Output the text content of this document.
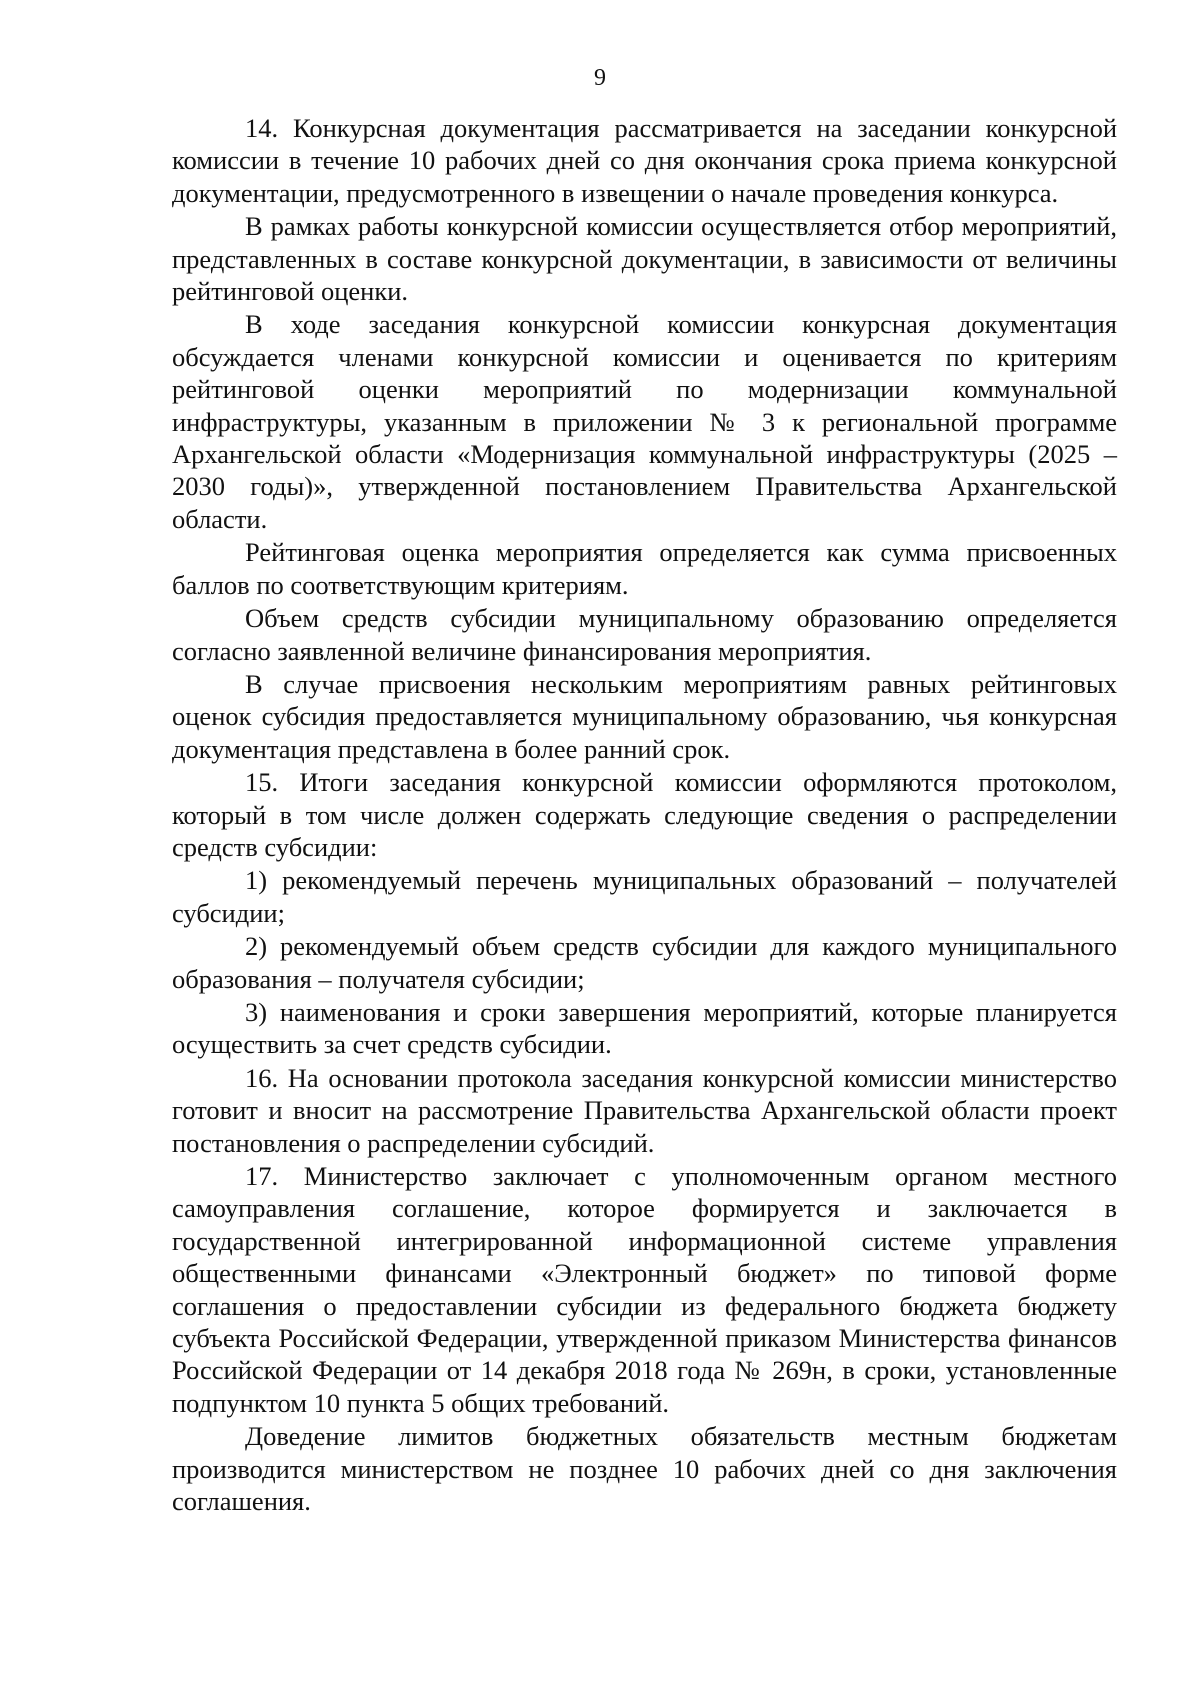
9

14. Конкурсная документация рассматривается на заседании конкурсной комиссии в течение 10 рабочих дней со дня окончания срока приема конкурсной документации, предусмотренного в извещении о начале проведения конкурса.

В рамках работы конкурсной комиссии осуществляется отбор мероприятий, представленных в составе конкурсной документации, в зависимости от величины рейтинговой оценки.

В ходе заседания конкурсной комиссии конкурсная документация обсуждается членами конкурсной комиссии и оценивается по критериям рейтинговой оценки мероприятий по модернизации коммунальной инфраструктуры, указанным в приложении № 3 к региональной программе Архангельской области «Модернизация коммунальной инфраструктуры (2025 – 2030 годы)», утвержденной постановлением Правительства Архангельской области.

Рейтинговая оценка мероприятия определяется как сумма присвоенных баллов по соответствующим критериям.

Объем средств субсидии муниципальному образованию определяется согласно заявленной величине финансирования мероприятия.

В случае присвоения нескольким мероприятиям равных рейтинговых оценок субсидия предоставляется муниципальному образованию, чья конкурсная документация представлена в более ранний срок.

15. Итоги заседания конкурсной комиссии оформляются протоколом, который в том числе должен содержать следующие сведения о распределении средств субсидии:

1) рекомендуемый перечень муниципальных образований – получателей субсидии;

2) рекомендуемый объем средств субсидии для каждого муниципального образования – получателя субсидии;

3) наименования и сроки завершения мероприятий, которые планируется осуществить за счет средств субсидии.

16. На основании протокола заседания конкурсной комиссии министерство готовит и вносит на рассмотрение Правительства Архангельской области проект постановления о распределении субсидий.

17. Министерство заключает с уполномоченным органом местного самоуправления соглашение, которое формируется и заключается в государственной интегрированной информационной системе управления общественными финансами «Электронный бюджет» по типовой форме соглашения о предоставлении субсидии из федерального бюджета бюджету субъекта Российской Федерации, утвержденной приказом Министерства финансов Российской Федерации от 14 декабря 2018 года № 269н, в сроки, установленные подпунктом 10 пункта 5 общих требований.

Доведение лимитов бюджетных обязательств местным бюджетам производится министерством не позднее 10 рабочих дней со дня заключения соглашения.
